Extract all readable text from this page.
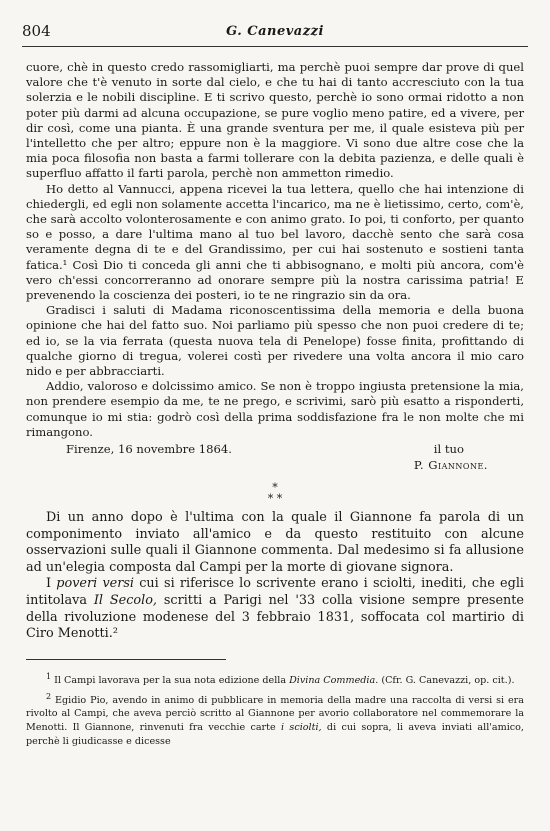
804	G. Canevazzi

cuore, chè in questo credo rassomigliarti, ma perchè puoi sempre dar prove di quel valore che t'è venuto in sorte dal cielo, e che tu hai di tanto accresciuto con la tua solerzia e le nobili discipline. E ti scrivo questo, perchè io sono ormai ridotto a non poter più darmi ad alcuna occupazione, se pure voglio meno patire, ed a vivere, per dir così, come una pianta. È una grande sventura per me, il quale esisteva più per l'intelletto che per altro; eppure non è la maggiore. Vi sono due altre cose che la mia poca filosofia non basta a farmi tollerare con la debita pazienza, e delle quali è superfluo affatto il farti parola, perchè non ammetton rimedio.

Ho detto al Vannucci, appena ricevei la tua lettera, quello che hai intenzione di chiedergli, ed egli non solamente accetta l'incarico, ma ne è lietissimo, certo, com'è, che sarà accolto volonterosamente e con animo grato. Io poi, ti conforto, per quanto so e posso, a dare l'ultima mano al tuo bel lavoro, dacchè sento che sarà cosa veramente degna di te e del Grandissimo, per cui hai sostenuto e sostieni tanta fatica.¹ Così Dio ti conceda gli anni che ti abbisognano, e molti più ancora, com'è vero ch'essi concorreranno ad onorare sempre più la nostra carissima patria! E prevenendo la coscienza dei posteri, io te ne ringrazio sin da ora.

Gradisci i saluti di Madama riconoscentissima della memoria e della buona opinione che hai del fatto suo. Noi parliamo più spesso che non puoi credere di te; ed io, se la via ferrata (questa nuova tela di Penelope) fosse finita, profittando di qualche giorno di tregua, volerei costì per rivedere una volta ancora il mio caro nido e per abbracciarti.

Addio, valoroso e dolcissimo amico. Se non è troppo ingiusta pretensione la mia, non prendere esempio da me, te ne prego, e scrivimi, sarò più esatto a risponderti, comunque io mi stia: godrò così della prima soddisfazione fra le non molte che mi rimangono.

Firenze, 16 novembre 1864.	il tuo
P. Giannone.
*
* *

Di un anno dopo è l'ultima con la quale il Giannone fa parola di un componimento inviato all'amico e da questo restituito con alcune osservazioni sulle quali il Giannone commenta. Dal medesimo si fa allusione ad un'elegia composta dal Campi per la morte di giovane signora.

I poveri versi cui si riferisce lo scrivente erano i sciolti, inediti, che egli intitolava Il Secolo, scritti a Parigi nel '33 colla visione sempre presente della rivoluzione modenese del 3 febbraio 1831, soffocata col martirio di Ciro Menotti.²

$^1$ Il Campi lavorava per la sua nota edizione della Divina Commedia. (Cfr. G. Canevazzi, op. cit.).

$^2$ Egidio Pio, avendo in animo di pubblicare in memoria della madre una raccolta di versi si era rivolto al Campi, che aveva perciò scritto al Giannone per avorio collaboratore nel commemorare la Menotti. Il Giannone, rinvenuti fra vecchie carte i sciolti, di cui sopra, li aveva inviati all'amico, perchè li giudicasse e dicesse
